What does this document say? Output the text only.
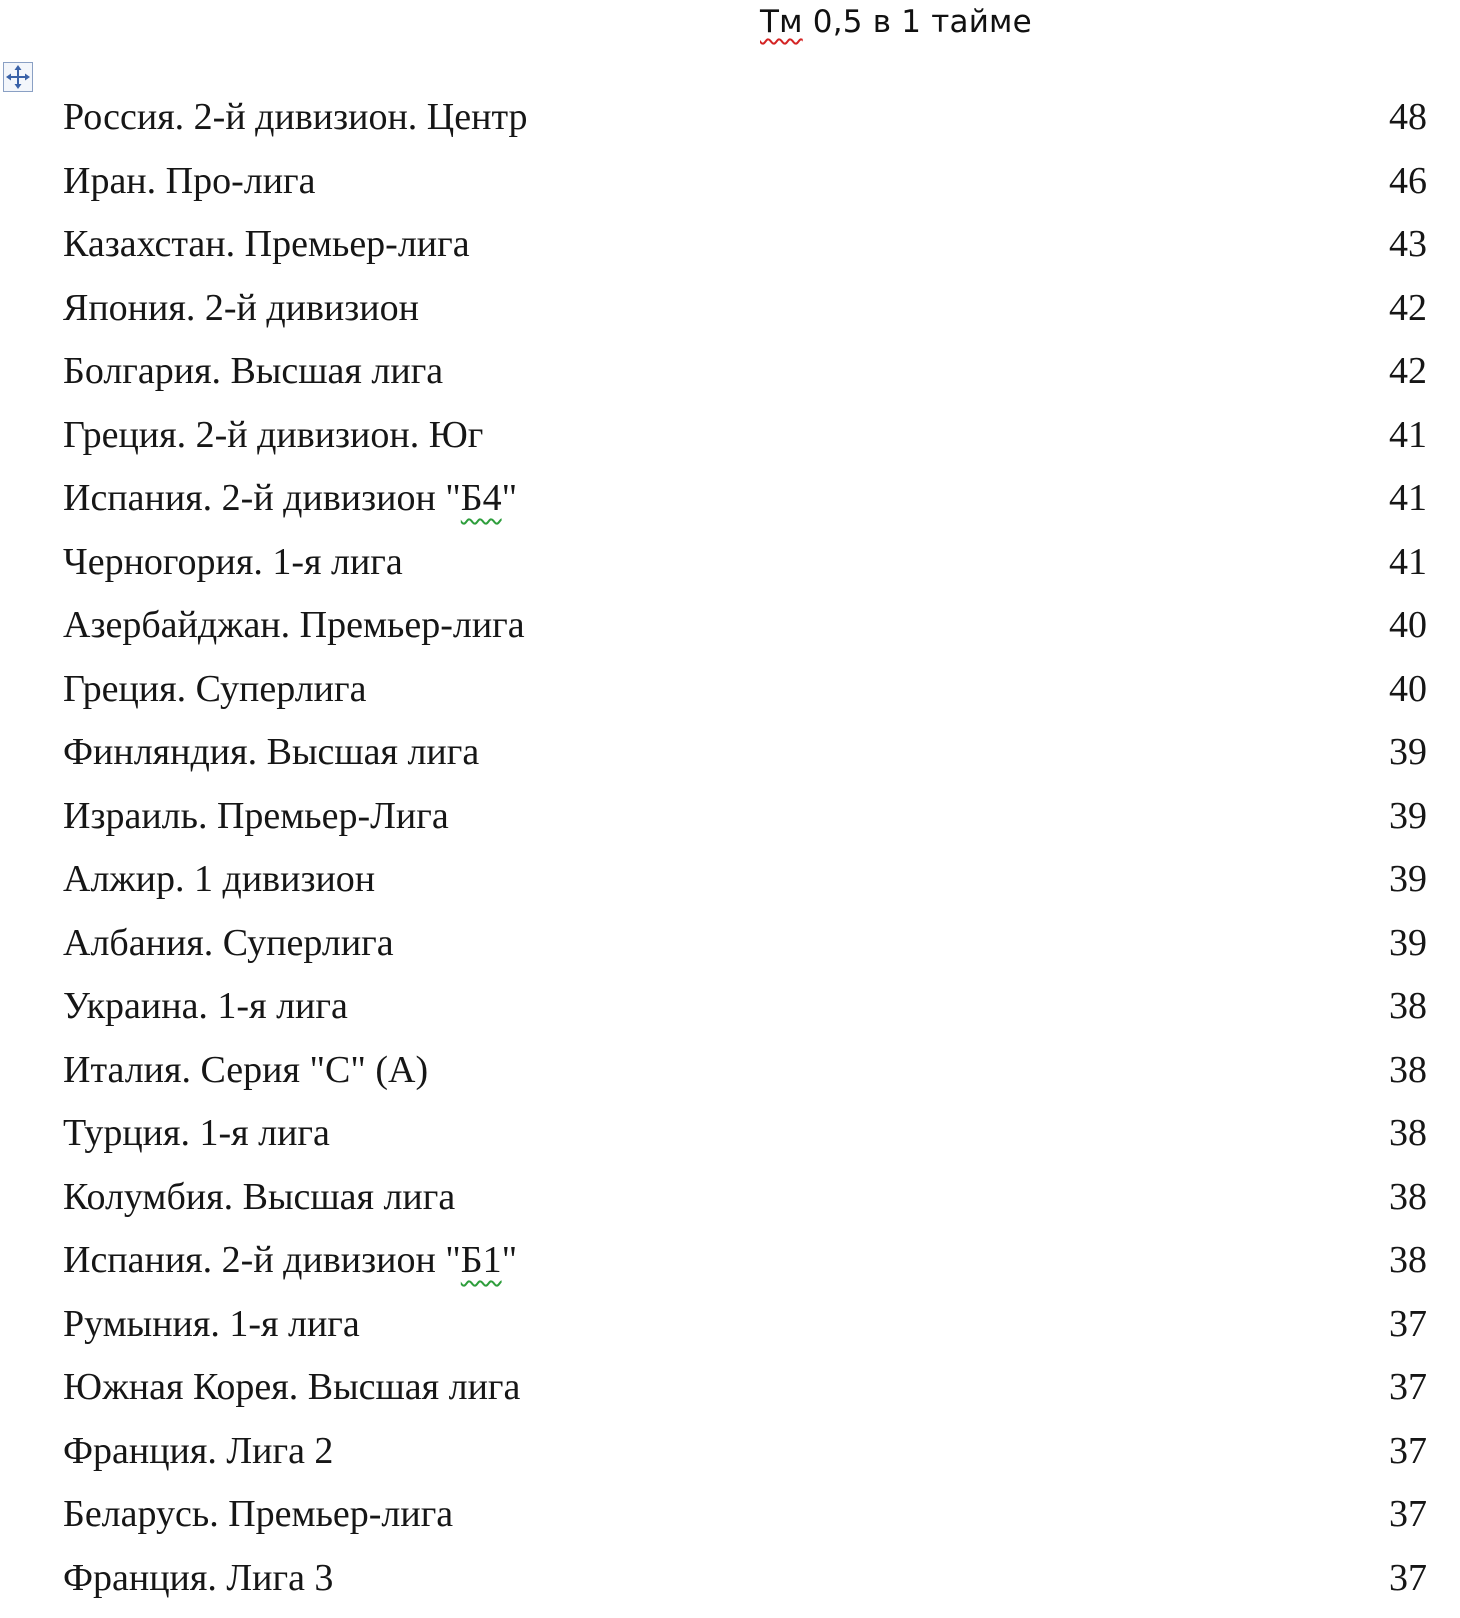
Тм 0,5 в 1 тайме
Россия. 2-й дивизион. Центр	48
Иран. Про-лига	46
Казахстан. Премьер-лига	43
Япония. 2-й дивизион	42
Болгария. Высшая лига	42
Греция. 2-й дивизион. Юг	41
Испания. 2-й дивизион "Б4"	41
Черногория. 1-я лига	41
Азербайджан. Премьер-лига	40
Греция. Суперлига	40
Финляндия. Высшая лига	39
Израиль. Премьер-Лига	39
Алжир. 1 дивизион	39
Албания. Суперлига	39
Украина. 1-я лига	38
Италия. Серия "С" (А)	38
Турция. 1-я лига	38
Колумбия. Высшая лига	38
Испания. 2-й дивизион "Б1"	38
Румыния. 1-я лига	37
Южная Корея. Высшая лига	37
Франция. Лига 2	37
Беларусь. Премьер-лига	37
Франция. Лига 3	37
